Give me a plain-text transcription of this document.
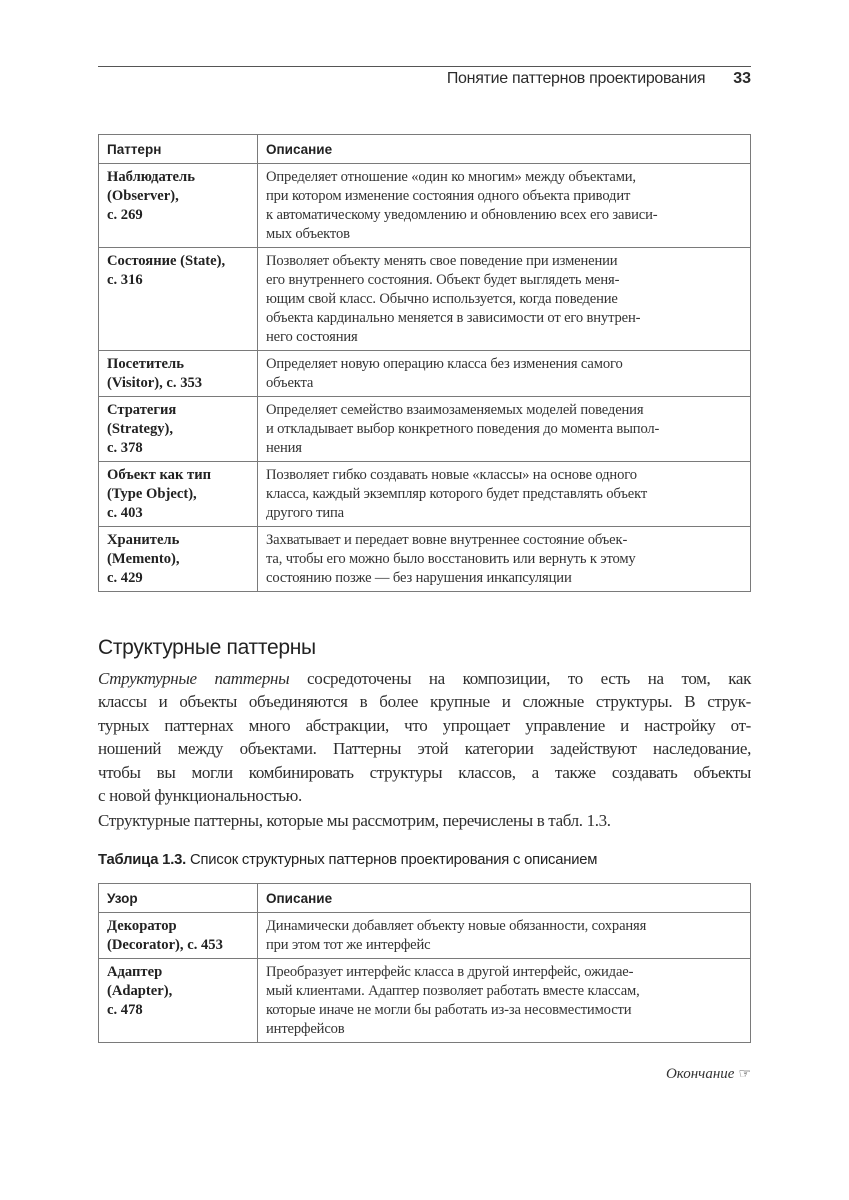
Понятие паттернов проектирования 33
Паттерн	Описание

Наблюдатель
(Observer),
с. 269	Определяет отношение «один ко многим» между объектами,
при котором изменение состояния одного объекта приводит
к автоматическому уведомлению и обновлению всех его зависи-
мых объектов

Состояние (State),
с. 316	Позволяет объекту менять свое поведение при изменении
его внутреннего состояния. Объект будет выглядеть меня-
ющим свой класс. Обычно используется, когда поведение
объекта кардинально меняется в зависимости от его внутрен-
него состояния

Посетитель
(Visitor), с. 353	Определяет новую операцию класса без изменения самого
объекта

Стратегия
(Strategy),
с. 378	Определяет семейство взаимозаменяемых моделей поведения
и откладывает выбор конкретного поведения до момента выпол-
нения

Объект как тип
(Type Object),
с. 403	Позволяет гибко создавать новые «классы» на основе одного
класса, каждый экземпляр которого будет представлять объект
другого типа

Хранитель
(Memento),
с. 429	Захватывает и передает вовне внутреннее состояние объек-
та, чтобы его можно было восстановить или вернуть к этому
состоянию позже — без нарушения инкапсуляции
Структурные паттерны

Структурные паттерны сосредоточены на композиции, то есть на том, как
классы и объекты объединяются в более крупные и сложные структуры. В струк-
турных паттернах много абстракции, что упрощает управление и настройку от-
ношений между объектами. Паттерны этой категории задействуют наследование,
чтобы вы могли комбинировать структуры классов, а также создавать объекты
с новой функциональностью.

Структурные паттерны, которые мы рассмотрим, перечислены в табл. 1.3.

Таблица 1.3. Список структурных паттернов проектирования с описанием
Узор	Описание

Декоратор
(Decorator), с. 453	Динамически добавляет объекту новые обязанности, сохраняя
при этом тот же интерфейс

Адаптер
(Adapter),
с. 478	Преобразует интерфейс класса в другой интерфейс, ожидае-
мый клиентами. Адаптер позволяет работать вместе классам,
которые иначе не могли бы работать из-за несовместимости
интерфейсов
Окончание ☞
